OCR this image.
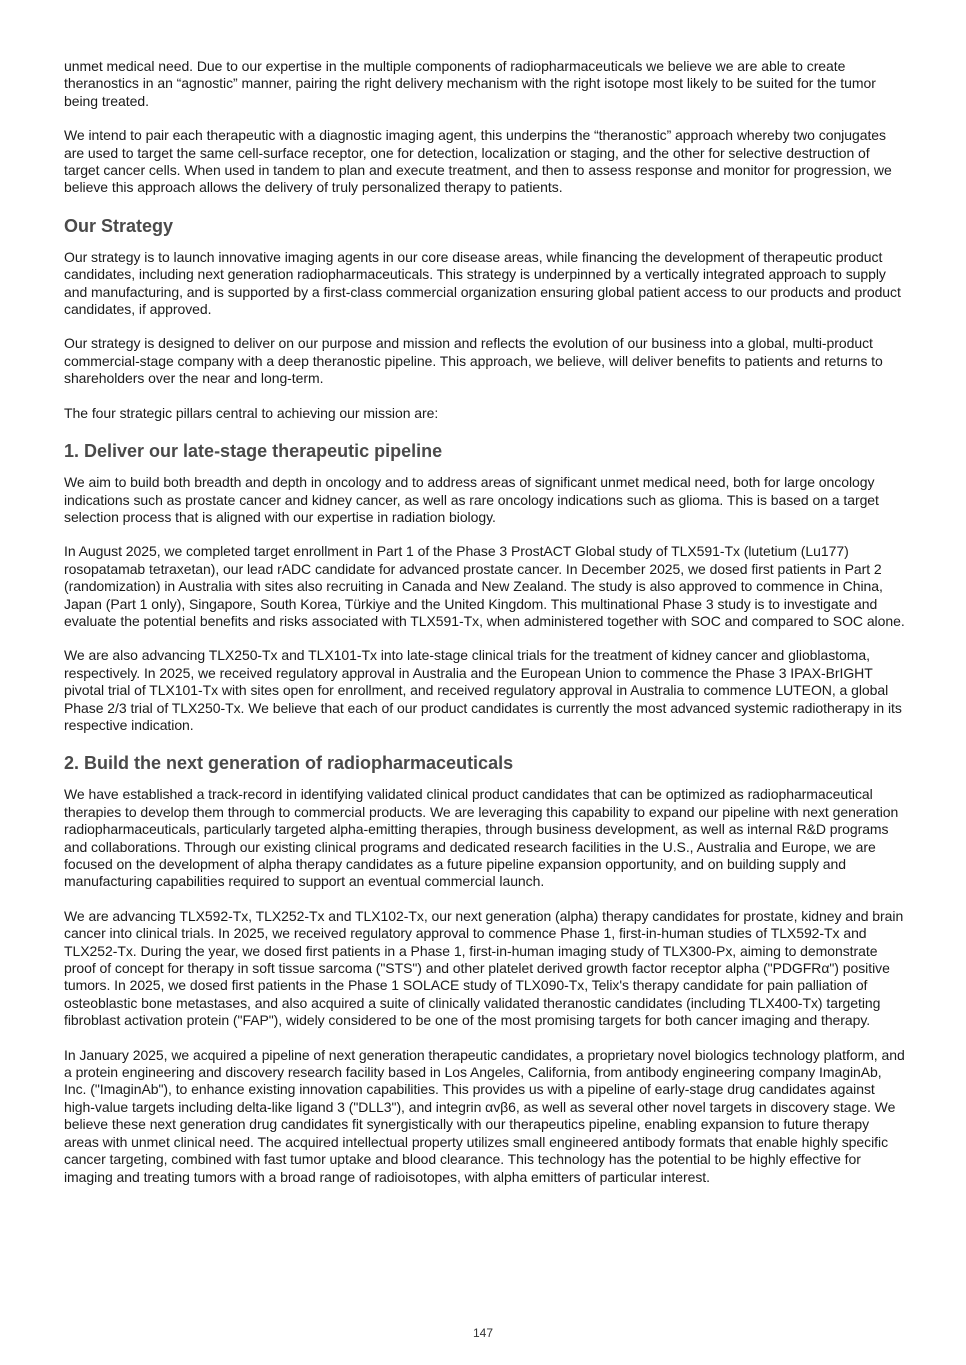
unmet medical need. Due to our expertise in the multiple components of radiopharmaceuticals we believe we are able to create theranostics in an “agnostic” manner, pairing the right delivery mechanism with the right isotope most likely to be suited for the tumor being treated.

We intend to pair each therapeutic with a diagnostic imaging agent, this underpins the “theranostic” approach whereby two conjugates are used to target the same cell-surface receptor, one for detection, localization or staging, and the other for selective destruction of target cancer cells. When used in tandem to plan and execute treatment, and then to assess response and monitor for progression, we believe this approach allows the delivery of truly personalized therapy to patients.

Our Strategy

Our strategy is to launch innovative imaging agents in our core disease areas, while financing the development of therapeutic product candidates, including next generation radiopharmaceuticals. This strategy is underpinned by a vertically integrated approach to supply and manufacturing, and is supported by a first-class commercial organization ensuring global patient access to our products and product candidates, if approved.

Our strategy is designed to deliver on our purpose and mission and reflects the evolution of our business into a global, multi-product commercial-stage company with a deep theranostic pipeline. This approach, we believe, will deliver benefits to patients and returns to shareholders over the near and long-term.

The four strategic pillars central to achieving our mission are:

1. Deliver our late-stage therapeutic pipeline

We aim to build both breadth and depth in oncology and to address areas of significant unmet medical need, both for large oncology indications such as prostate cancer and kidney cancer, as well as rare oncology indications such as glioma. This is based on a target selection process that is aligned with our expertise in radiation biology.

In August 2025, we completed target enrollment in Part 1 of the Phase 3 ProstACT Global study of TLX591-Tx (lutetium (Lu177) rosopatamab tetraxetan), our lead rADC candidate for advanced prostate cancer. In December 2025, we dosed first patients in Part 2 (randomization) in Australia with sites also recruiting in Canada and New Zealand. The study is also approved to commence in China, Japan (Part 1 only), Singapore, South Korea, Türkiye and the United Kingdom. This multinational Phase 3 study is to investigate and evaluate the potential benefits and risks associated with TLX591-Tx, when administered together with SOC and compared to SOC alone.

We are also advancing TLX250-Tx and TLX101-Tx into late-stage clinical trials for the treatment of kidney cancer and glioblastoma, respectively. In 2025, we received regulatory approval in Australia and the European Union to commence the Phase 3 IPAX-BrIGHT pivotal trial of TLX101-Tx with sites open for enrollment, and received regulatory approval in Australia to commence LUTEON, a global Phase 2/3 trial of TLX250-Tx. We believe that each of our product candidates is currently the most advanced systemic radiotherapy in its respective indication.

2. Build the next generation of radiopharmaceuticals

We have established a track-record in identifying validated clinical product candidates that can be optimized as radiopharmaceutical therapies to develop them through to commercial products. We are leveraging this capability to expand our pipeline with next generation radiopharmaceuticals, particularly targeted alpha-emitting therapies, through business development, as well as internal R&D programs and collaborations. Through our existing clinical programs and dedicated research facilities in the U.S., Australia and Europe, we are focused on the development of alpha therapy candidates as a future pipeline expansion opportunity, and on building supply and manufacturing capabilities required to support an eventual commercial launch.

We are advancing TLX592-Tx, TLX252-Tx and TLX102-Tx, our next generation (alpha) therapy candidates for prostate, kidney and brain cancer into clinical trials. In 2025, we received regulatory approval to commence Phase 1, first-in-human studies of TLX592-Tx and TLX252-Tx. During the year, we dosed first patients in a Phase 1, first-in-human imaging study of TLX300-Px, aiming to demonstrate proof of concept for therapy in soft tissue sarcoma ("STS") and other platelet derived growth factor receptor alpha ("PDGFRα") positive tumors. In 2025, we dosed first patients in the Phase 1 SOLACE study of TLX090-Tx, Telix's therapy candidate for pain palliation of osteoblastic bone metastases, and also acquired a suite of clinically validated theranostic candidates (including TLX400-Tx) targeting fibroblast activation protein ("FAP"), widely considered to be one of the most promising targets for both cancer imaging and therapy.

In January 2025, we acquired a pipeline of next generation therapeutic candidates, a proprietary novel biologics technology platform, and a protein engineering and discovery research facility based in Los Angeles, California, from antibody engineering company ImaginAb, Inc. ("ImaginAb"), to enhance existing innovation capabilities. This provides us with a pipeline of early-stage drug candidates against high-value targets including delta-like ligand 3 ("DLL3"), and integrin αvβ6, as well as several other novel targets in discovery stage. We believe these next generation drug candidates fit synergistically with our therapeutics pipeline, enabling expansion to future therapy areas with unmet clinical need. The acquired intellectual property utilizes small engineered antibody formats that enable highly specific cancer targeting, combined with fast tumor uptake and blood clearance. This technology has the potential to be highly effective for imaging and treating tumors with a broad range of radioisotopes, with alpha emitters of particular interest.

147
